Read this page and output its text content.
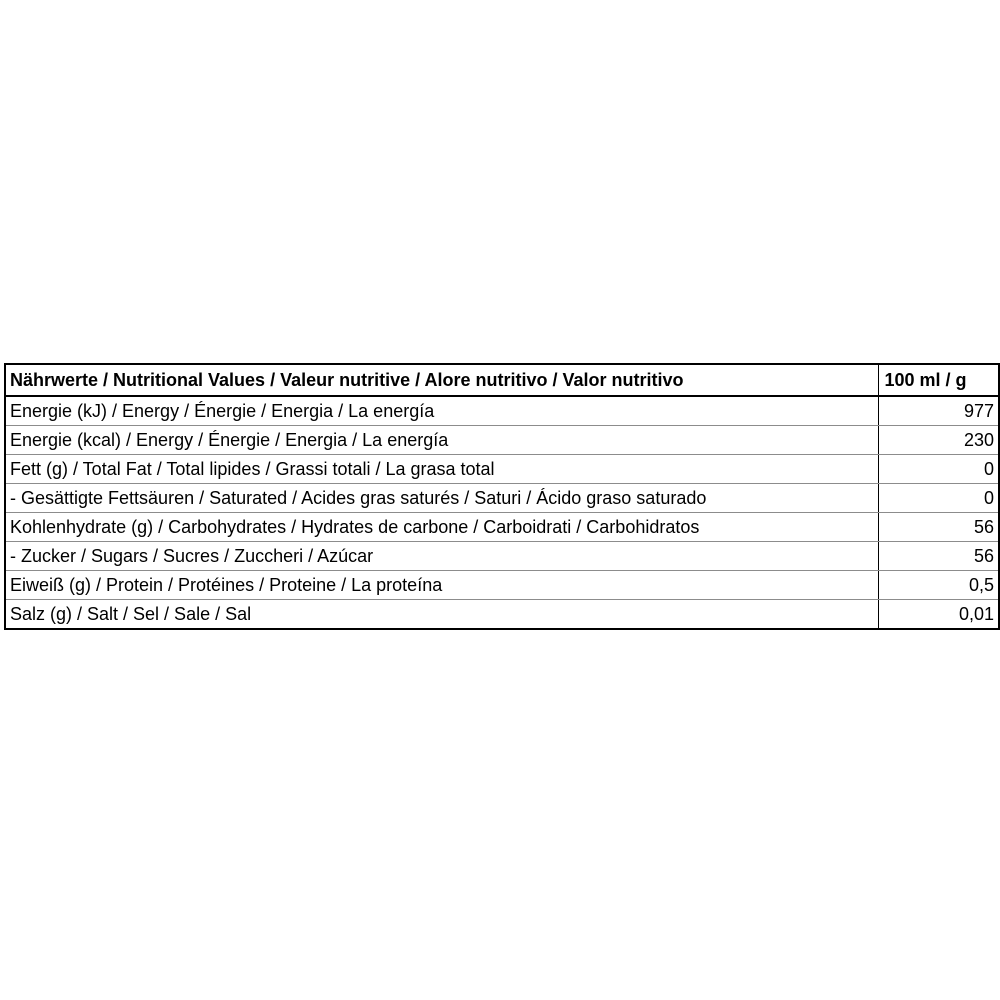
Nährwerte / Nutritional Values / Valeur nutritive / Alore nutritivo / Valor nutritivo	100 ml / g
Energie (kJ) / Energy / Énergie / Energia / La energía	977
Energie (kcal) / Energy / Énergie / Energia / La energía	230
Fett (g) / Total Fat / Total lipides / Grassi totali / La grasa total	0
- Gesättigte Fettsäuren / Saturated / Acides gras saturés / Saturi / Ácido graso saturado	0
Kohlenhydrate (g) / Carbohydrates / Hydrates de carbone / Carboidrati / Carbohidratos	56
- Zucker / Sugars / Sucres / Zuccheri / Azúcar	56
Eiweiß (g) / Protein / Protéines / Proteine / La proteína	0,5
Salz (g) / Salt / Sel / Sale / Sal	0,01
